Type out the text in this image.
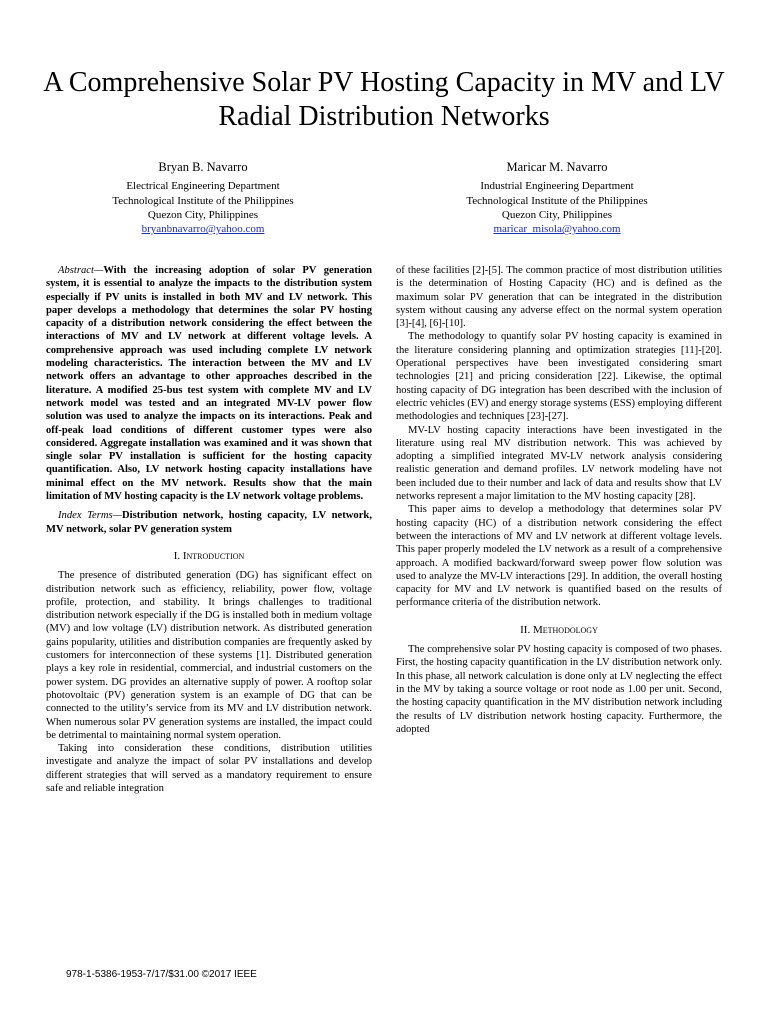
A Comprehensive Solar PV Hosting Capacity in MV and LV Radial Distribution Networks
Bryan B. Navarro
Electrical Engineering Department
Technological Institute of the Philippines
Quezon City, Philippines
bryanbnavarro@yahoo.com
Maricar M. Navarro
Industrial Engineering Department
Technological Institute of the Philippines
Quezon City, Philippines
maricar_misola@yahoo.com

Abstract—With the increasing adoption of solar PV generation system, it is essential to analyze the impacts to the distribution system especially if PV units is installed in both MV and LV network. This paper develops a methodology that determines the solar PV hosting capacity of a distribution network considering the effect between the interactions of MV and LV network at different voltage levels. A comprehensive approach was used including complete LV network modeling characteristics. The interaction between the MV and LV network offers an advantage to other approaches described in the literature. A modified 25-bus test system with complete MV and LV network model was tested and an integrated MV-LV power flow solution was used to analyze the impacts on its interactions. Peak and off-peak load conditions of different customer types were also considered. Aggregate installation was examined and it was shown that single solar PV installation is sufficient for the hosting capacity quantification. Also, LV network hosting capacity installations have minimal effect on the MV network. Results show that the main limitation of MV hosting capacity is the LV network voltage problems.

Index Terms—Distribution network, hosting capacity, LV network, MV network, solar PV generation system

I. Introduction

The presence of distributed generation (DG) has significant effect on distribution network such as efficiency, reliability, power flow, voltage profile, protection, and stability. It brings challenges to traditional distribution network especially if the DG is installed both in medium voltage (MV) and low voltage (LV) distribution network. As distributed generation gains popularity, utilities and distribution companies are frequently asked by customers for interconnection of these systems [1]. Distributed generation plays a key role in residential, commercial, and industrial customers on the power system. DG provides an alternative supply of power. A rooftop solar photovoltaic (PV) generation system is an example of DG that can be connected to the utility’s service from its MV and LV distribution network. When numerous solar PV generation systems are installed, the impact could be detrimental to maintaining normal system operation.

Taking into consideration these conditions, distribution utilities investigate and analyze the impact of solar PV installations and develop different strategies that will served as a mandatory requirement to ensure safe and reliable integration

of these facilities [2]-[5]. The common practice of most distribution utilities is the determination of Hosting Capacity (HC) and is defined as the maximum solar PV generation that can be integrated in the distribution system without causing any adverse effect on the normal system operation [3]-[4], [6]-[10].

The methodology to quantify solar PV hosting capacity is examined in the literature considering planning and optimization strategies [11]-[20]. Operational perspectives have been investigated considering smart technologies [21] and pricing consideration [22]. Likewise, the optimal hosting capacity of DG integration has been described with the inclusion of electric vehicles (EV) and energy storage systems (ESS) employing different methodologies and techniques [23]-[27].

MV-LV hosting capacity interactions have been investigated in the literature using real MV distribution network. This was achieved by adopting a simplified integrated MV-LV network analysis considering realistic generation and demand profiles. LV network modeling have not been included due to their number and lack of data and results show that LV networks represent a major limitation to the MV hosting capacity [28].

This paper aims to develop a methodology that determines solar PV hosting capacity (HC) of a distribution network considering the effect between the interactions of MV and LV network at different voltage levels. This paper properly modeled the LV network as a result of a comprehensive approach. A modified backward/forward sweep power flow solution was used to analyze the MV-LV interactions [29]. In addition, the overall hosting capacity for MV and LV network is quantified based on the results of performance criteria of the distribution network.

II. Methodology

The comprehensive solar PV hosting capacity is composed of two phases. First, the hosting capacity quantification in the LV distribution network only. In this phase, all network calculation is done only at LV neglecting the effect in the MV by taking a source voltage or root node as 1.00 per unit. Second, the hosting capacity quantification in the MV distribution network including the results of LV distribution network hosting capacity. Furthermore, the adopted

978-1-5386-1953-7/17/$31.00 ©2017 IEEE
